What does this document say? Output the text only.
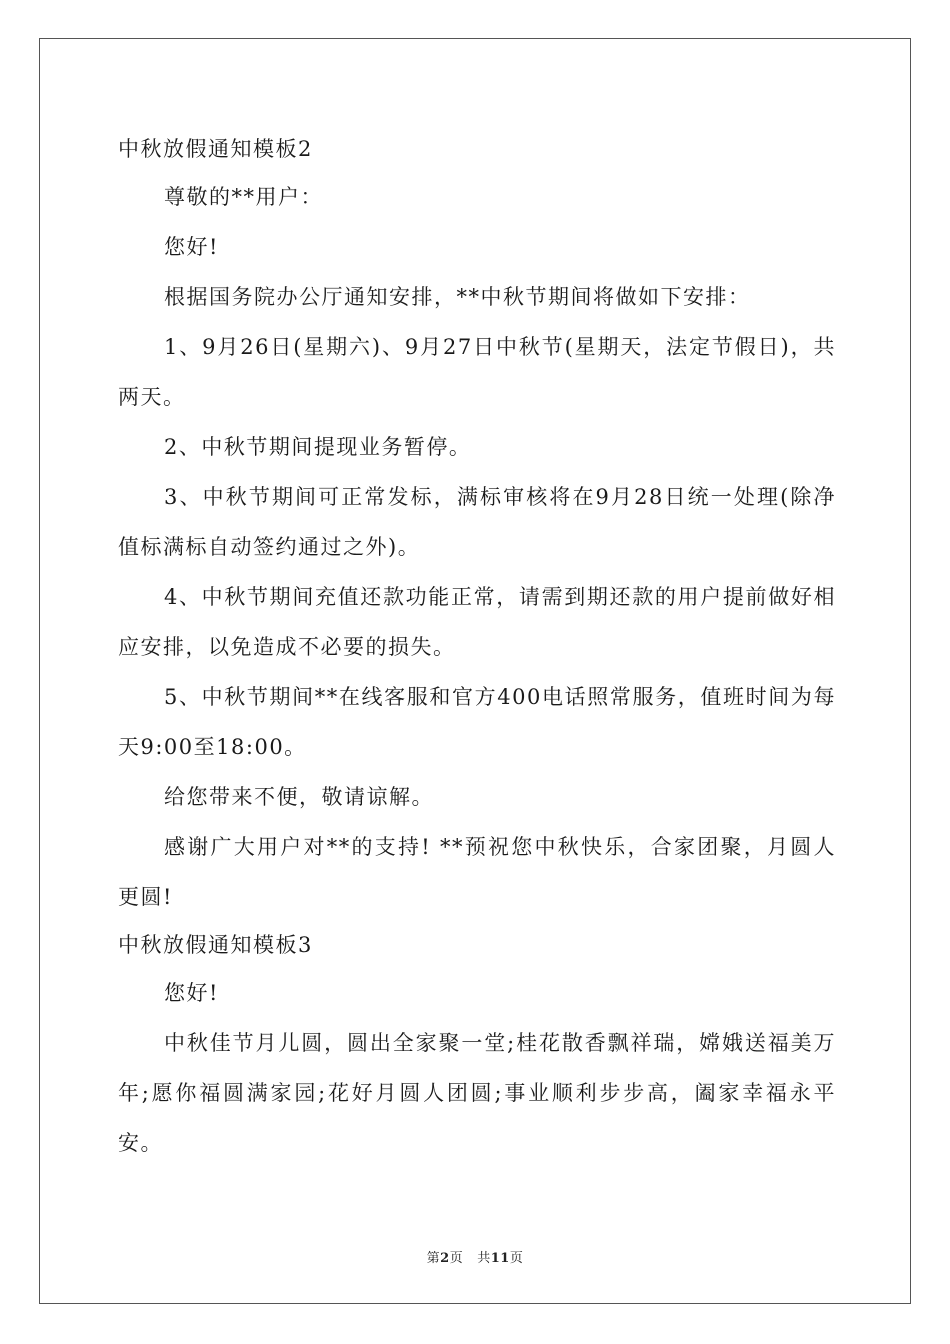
中秋放假通知模板2

尊敬的**用户：

您好!

根据国务院办公厅通知安排，**中秋节期间将做如下安排：

1、9月26日(星期六)、9月27日中秋节(星期天，法定节假日)，共两天。

2、中秋节期间提现业务暂停。

3、中秋节期间可正常发标，满标审核将在9月28日统一处理(除净值标满标自动签约通过之外)。

4、中秋节期间充值还款功能正常，请需到期还款的用户提前做好相应安排，以免造成不必要的损失。

5、中秋节期间**在线客服和官方400电话照常服务，值班时间为每天9:00至18:00。

给您带来不便，敬请谅解。

感谢广大用户对**的支持! **预祝您中秋快乐，合家团聚，月圆人更圆!

中秋放假通知模板3

您好!

中秋佳节月儿圆，圆出全家聚一堂;桂花散香飘祥瑞，嫦娥送福美万年;愿你福圆满家园;花好月圆人团圆;事业顺利步步高，阖家幸福永平安。

第2页 共11页
